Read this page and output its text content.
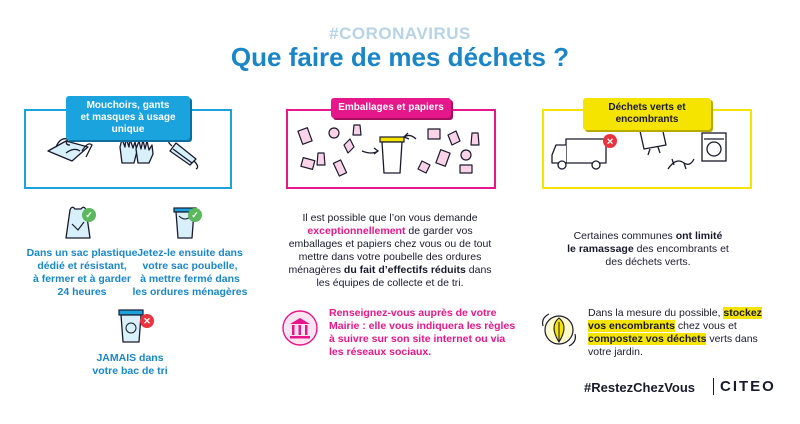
#CORONAVIRUS
Que faire de mes déchets ?
Mouchoirs, gants
et masques à usage unique
✓
Dans un sac plastique
dédié et résistant,
à fermer et à garder
24 heures
✓
Jetez-le ensuite dans
votre sac poubelle,
à mettre fermé dans
les ordures ménagères
✕
JAMAIS dans
votre bac de tri
Emballages et papiers
Il est possible que l’on vous demande
exceptionnellement de garder vos
emballages et papiers chez vous ou de tout
mettre dans votre poubelle des ordures
ménagères du fait d’effectifs réduits dans
les équipes de collecte et de tri.
Renseignez-vous auprès de votre
Mairie : elle vous indiquera les règles
à suivre sur son site internet ou via
les réseaux sociaux.
✕
Déchets verts et encombrants
Certaines communes ont limité
le ramassage des encombrants et
des déchets verts.
Dans la mesure du possible, stockez
vos encombrants chez vous et
compostez vos déchets verts dans
votre jardin.
#RestezChezVous CITEO
